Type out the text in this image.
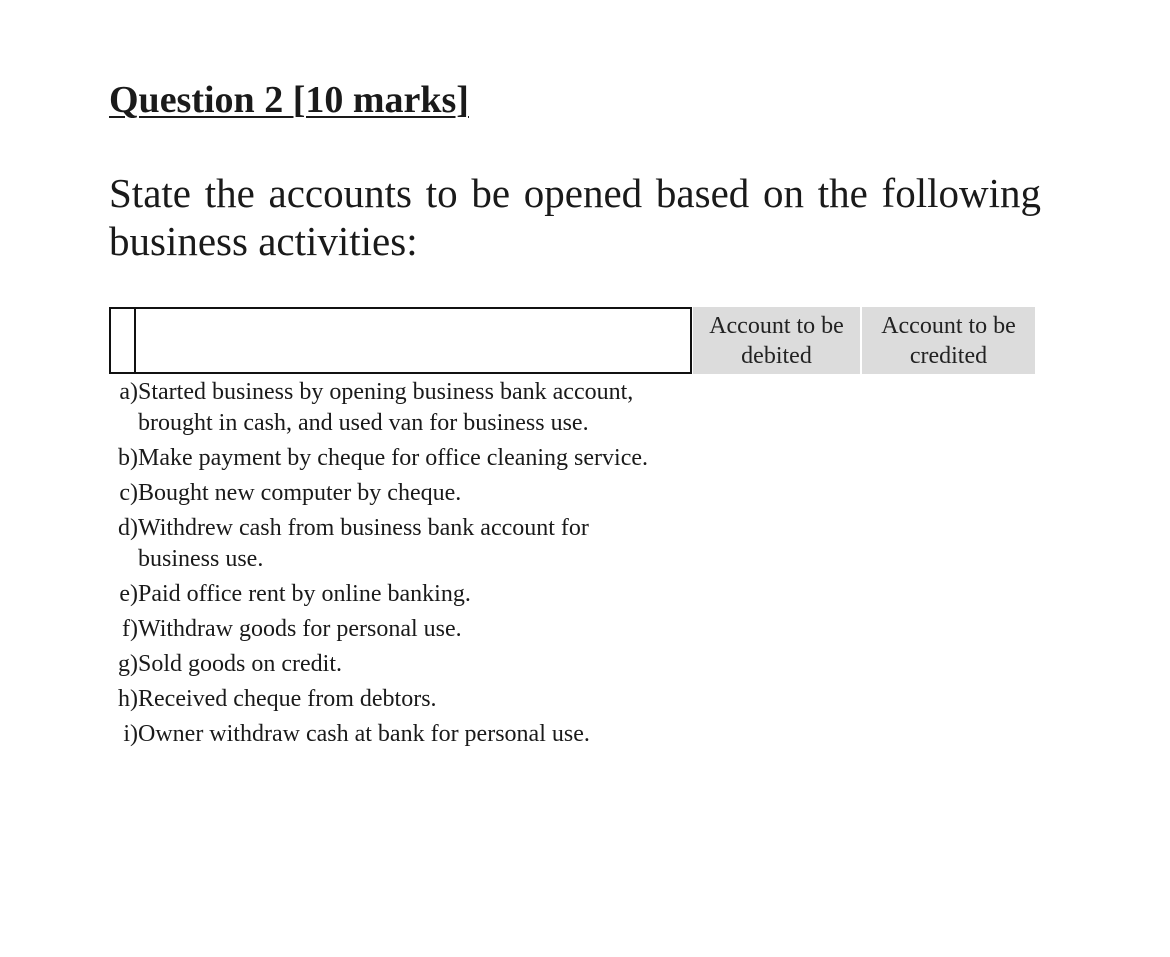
Question 2 [10 marks]
State the accounts to be opened based on the following business activities:
Account to be debited
Account to be credited
a) Started business by opening business bank account, brought in cash, and used van for business use.
b) Make payment by cheque for office cleaning service.
c) Bought new computer by cheque.
d) Withdrew cash from business bank account for business use.
e) Paid office rent by online banking.
f) Withdraw goods for personal use.
g) Sold goods on credit.
h) Received cheque from debtors.
i) Owner withdraw cash at bank for personal use.
